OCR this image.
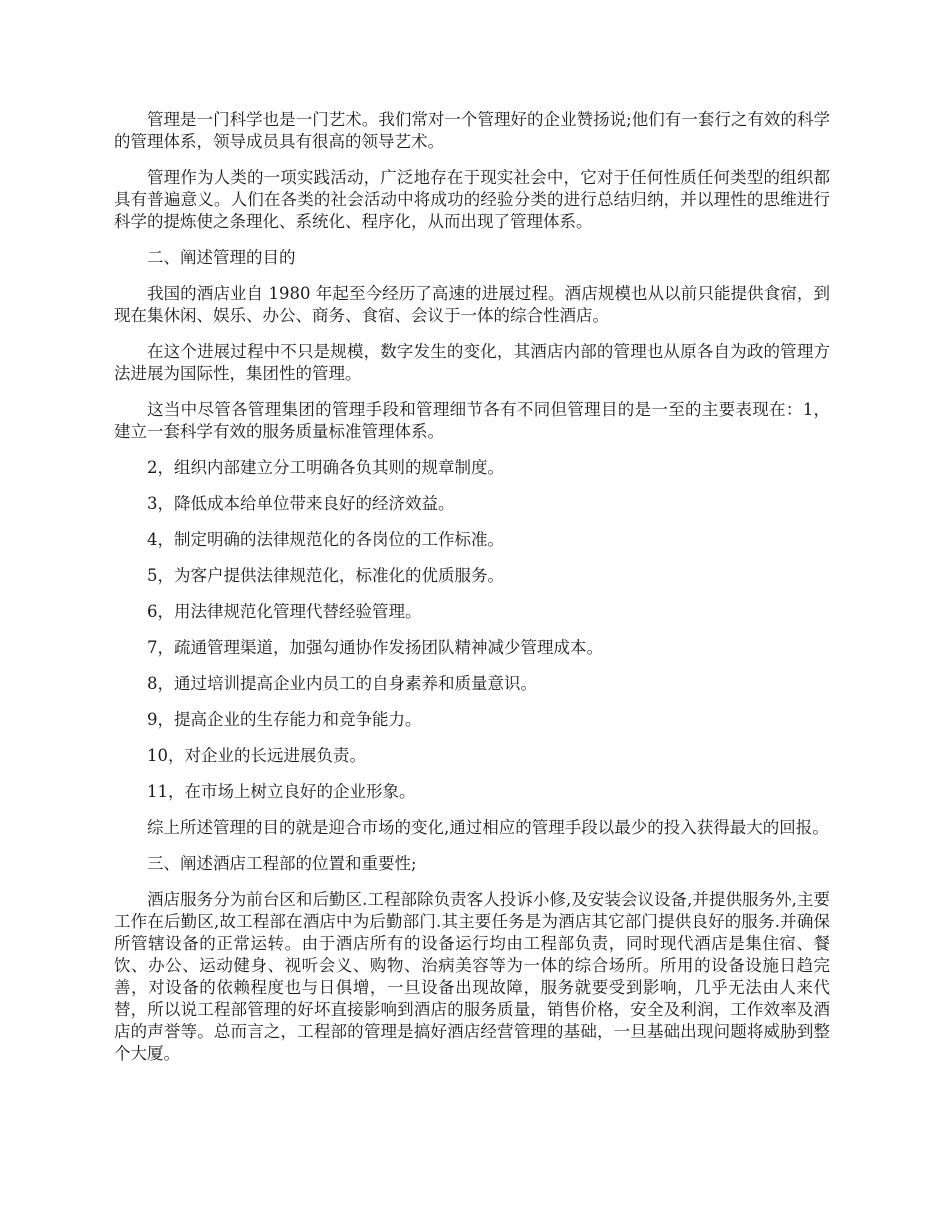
管理是一门科学也是一门艺术。我们常对一个管理好的企业赞扬说;他们有一套行之有效的科学的管理体系，领导成员具有很高的领导艺术。

管理作为人类的一项实践活动，广泛地存在于现实社会中，它对于任何性质任何类型的组织都具有普遍意义。人们在各类的社会活动中将成功的经验分类的进行总结归纳，并以理性的思维进行科学的提炼使之条理化、系统化、程序化，从而出现了管理体系。

二、阐述管理的目的

我国的酒店业自 1980 年起至今经历了高速的进展过程。酒店规模也从以前只能提供食宿，到现在集休闲、娱乐、办公、商务、食宿、会议于一体的综合性酒店。

在这个进展过程中不只是规模，数字发生的变化，其酒店内部的管理也从原各自为政的管理方法进展为国际性，集团性的管理。

这当中尽管各管理集团的管理手段和管理细节各有不同但管理目的是一至的主要表现在：1，建立一套科学有效的服务质量标准管理体系。

2，组织内部建立分工明确各负其则的规章制度。

3，降低成本给单位带来良好的经济效益。

4，制定明确的法律规范化的各岗位的工作标准。

5，为客户提供法律规范化，标准化的优质服务。

6，用法律规范化管理代替经验管理。

7，疏通管理渠道，加强勾通协作发扬团队精神减少管理成本。

8，通过培训提高企业内员工的自身素养和质量意识。

9，提高企业的生存能力和竞争能力。

10，对企业的长远进展负责。

11，在市场上树立良好的企业形象。

综上所述管理的目的就是迎合市场的变化,通过相应的管理手段以最少的投入获得最大的回报。

三、阐述酒店工程部的位置和重要性;

酒店服务分为前台区和后勤区.工程部除负责客人投诉小修,及安装会议设备,并提供服务外,主要工作在后勤区,故工程部在酒店中为后勤部门.其主要任务是为酒店其它部门提供良好的服务.并确保所管辖设备的正常运转。由于酒店所有的设备运行均由工程部负责，同时现代酒店是集住宿、餐饮、办公、运动健身、视听会义、购物、治病美容等为一体的综合场所。所用的设备设施日趋完善，对设备的依赖程度也与日俱增，一旦设备出现故障，服务就要受到影响，几乎无法由人来代替，所以说工程部管理的好坏直接影响到酒店的服务质量，销售价格，安全及利润，工作效率及酒店的声誉等。总而言之，工程部的管理是搞好酒店经营管理的基础，一旦基础出现问题将威胁到整个大厦。
